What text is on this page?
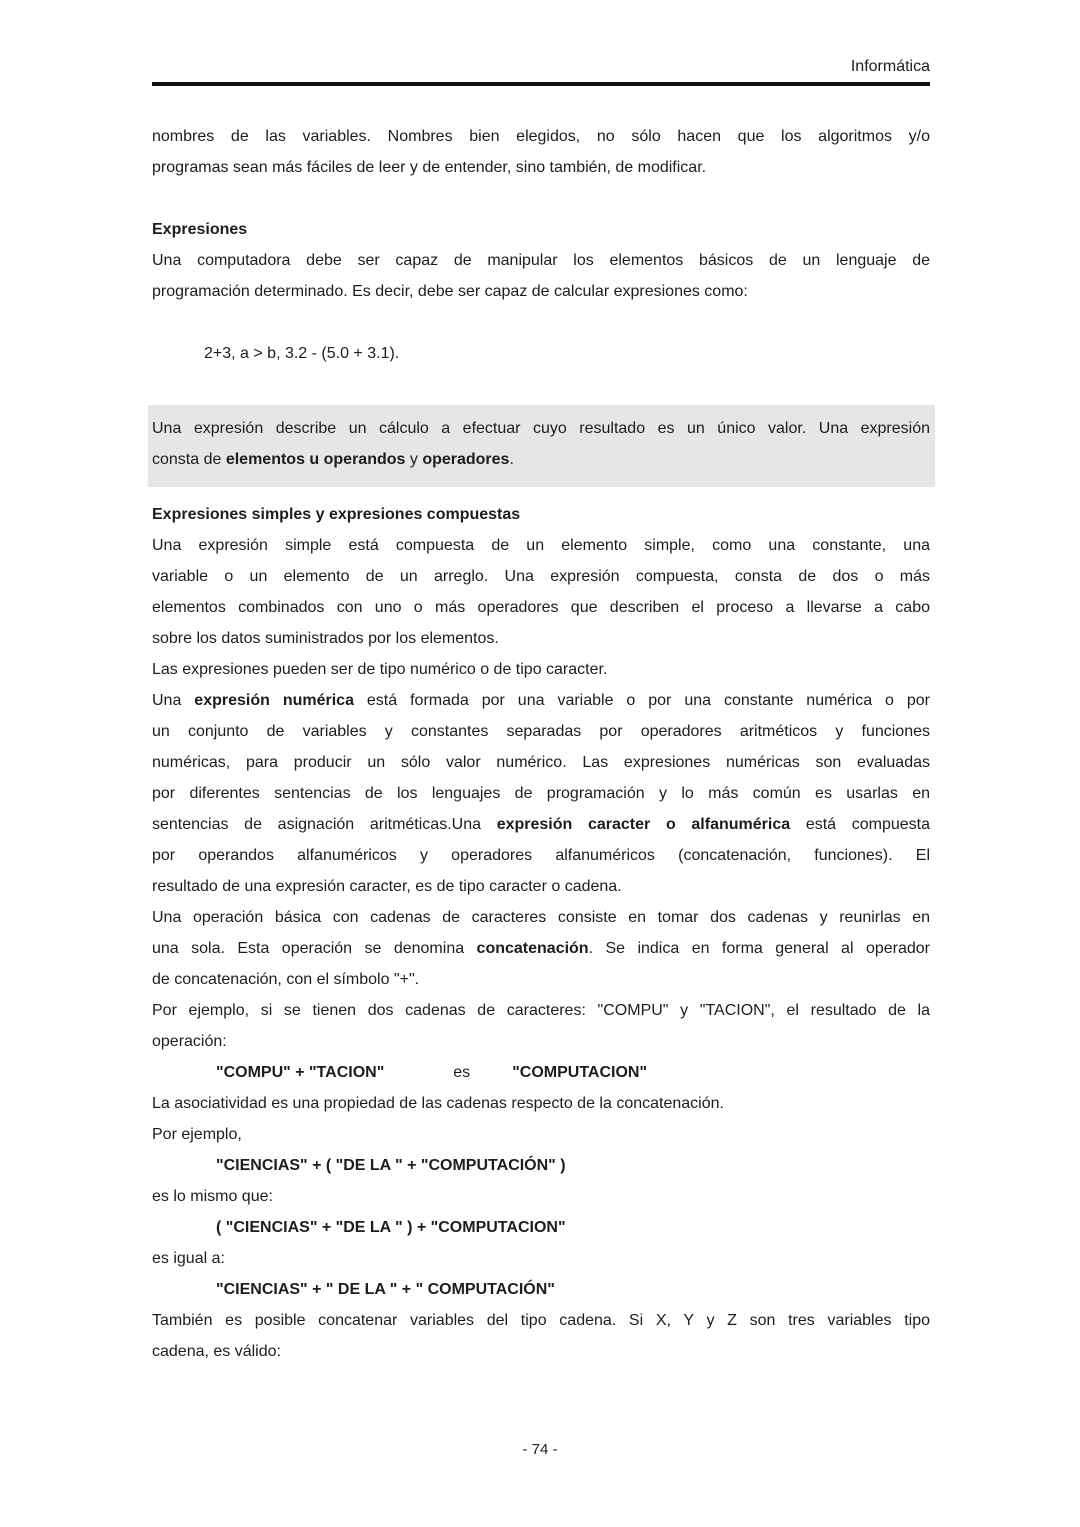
Informática
nombres de las variables. Nombres bien elegidos, no sólo hacen que los algoritmos y/o
programas sean más fáciles de leer y de entender, sino también, de modificar.
Expresiones
Una computadora debe ser capaz de manipular los elementos básicos de un lenguaje de
programación determinado. Es decir, debe ser capaz de calcular expresiones como:
2+3, a > b, 3.2 - (5.0 + 3.1).
Una expresión describe un cálculo a efectuar cuyo resultado es un único valor. Una expresión
consta de elementos u operandos y operadores.
Expresiones simples y expresiones compuestas
Una expresión simple está compuesta de un elemento simple, como una constante, una
variable o un elemento de un arreglo. Una expresión compuesta, consta de dos o más
elementos combinados con uno o más operadores que describen el proceso a llevarse a cabo
sobre los datos suministrados por los elementos.
Las expresiones pueden ser de tipo numérico o de tipo caracter.
Una expresión numérica está formada por una variable o por una constante numérica o por
un conjunto de variables y constantes separadas por operadores aritméticos y funciones
numéricas, para producir un sólo valor numérico. Las expresiones numéricas son evaluadas
por diferentes sentencias de los lenguajes de programación y lo más común es usarlas en
sentencias de asignación aritméticas.Una expresión caracter o alfanumérica está compuesta
por operandos alfanuméricos y operadores alfanuméricos (concatenación, funciones). El
resultado de una expresión caracter, es de tipo caracter o cadena.
Una operación básica con cadenas de caracteres consiste en tomar dos cadenas y reunirlas en
una sola. Esta operación se denomina concatenación. Se indica en forma general al operador
de concatenación, con el símbolo "+".
Por ejemplo, si se tienen dos cadenas de caracteres: "COMPU" y "TACION", el resultado de la
operación:
"COMPU" + "TACION"	es	"COMPUTACION"
La asociatividad es una propiedad de las cadenas respecto de la concatenación.
Por ejemplo,
"CIENCIAS" + ( "DE LA " + "COMPUTACIÓN" )
es lo mismo que:
( "CIENCIAS" + "DE LA " ) + "COMPUTACION"
es igual a:
"CIENCIAS" + " DE LA " + " COMPUTACIÓN"
También es posible concatenar variables del tipo cadena. Si X, Y y Z son tres variables tipo
cadena, es válido:
- 74 -
